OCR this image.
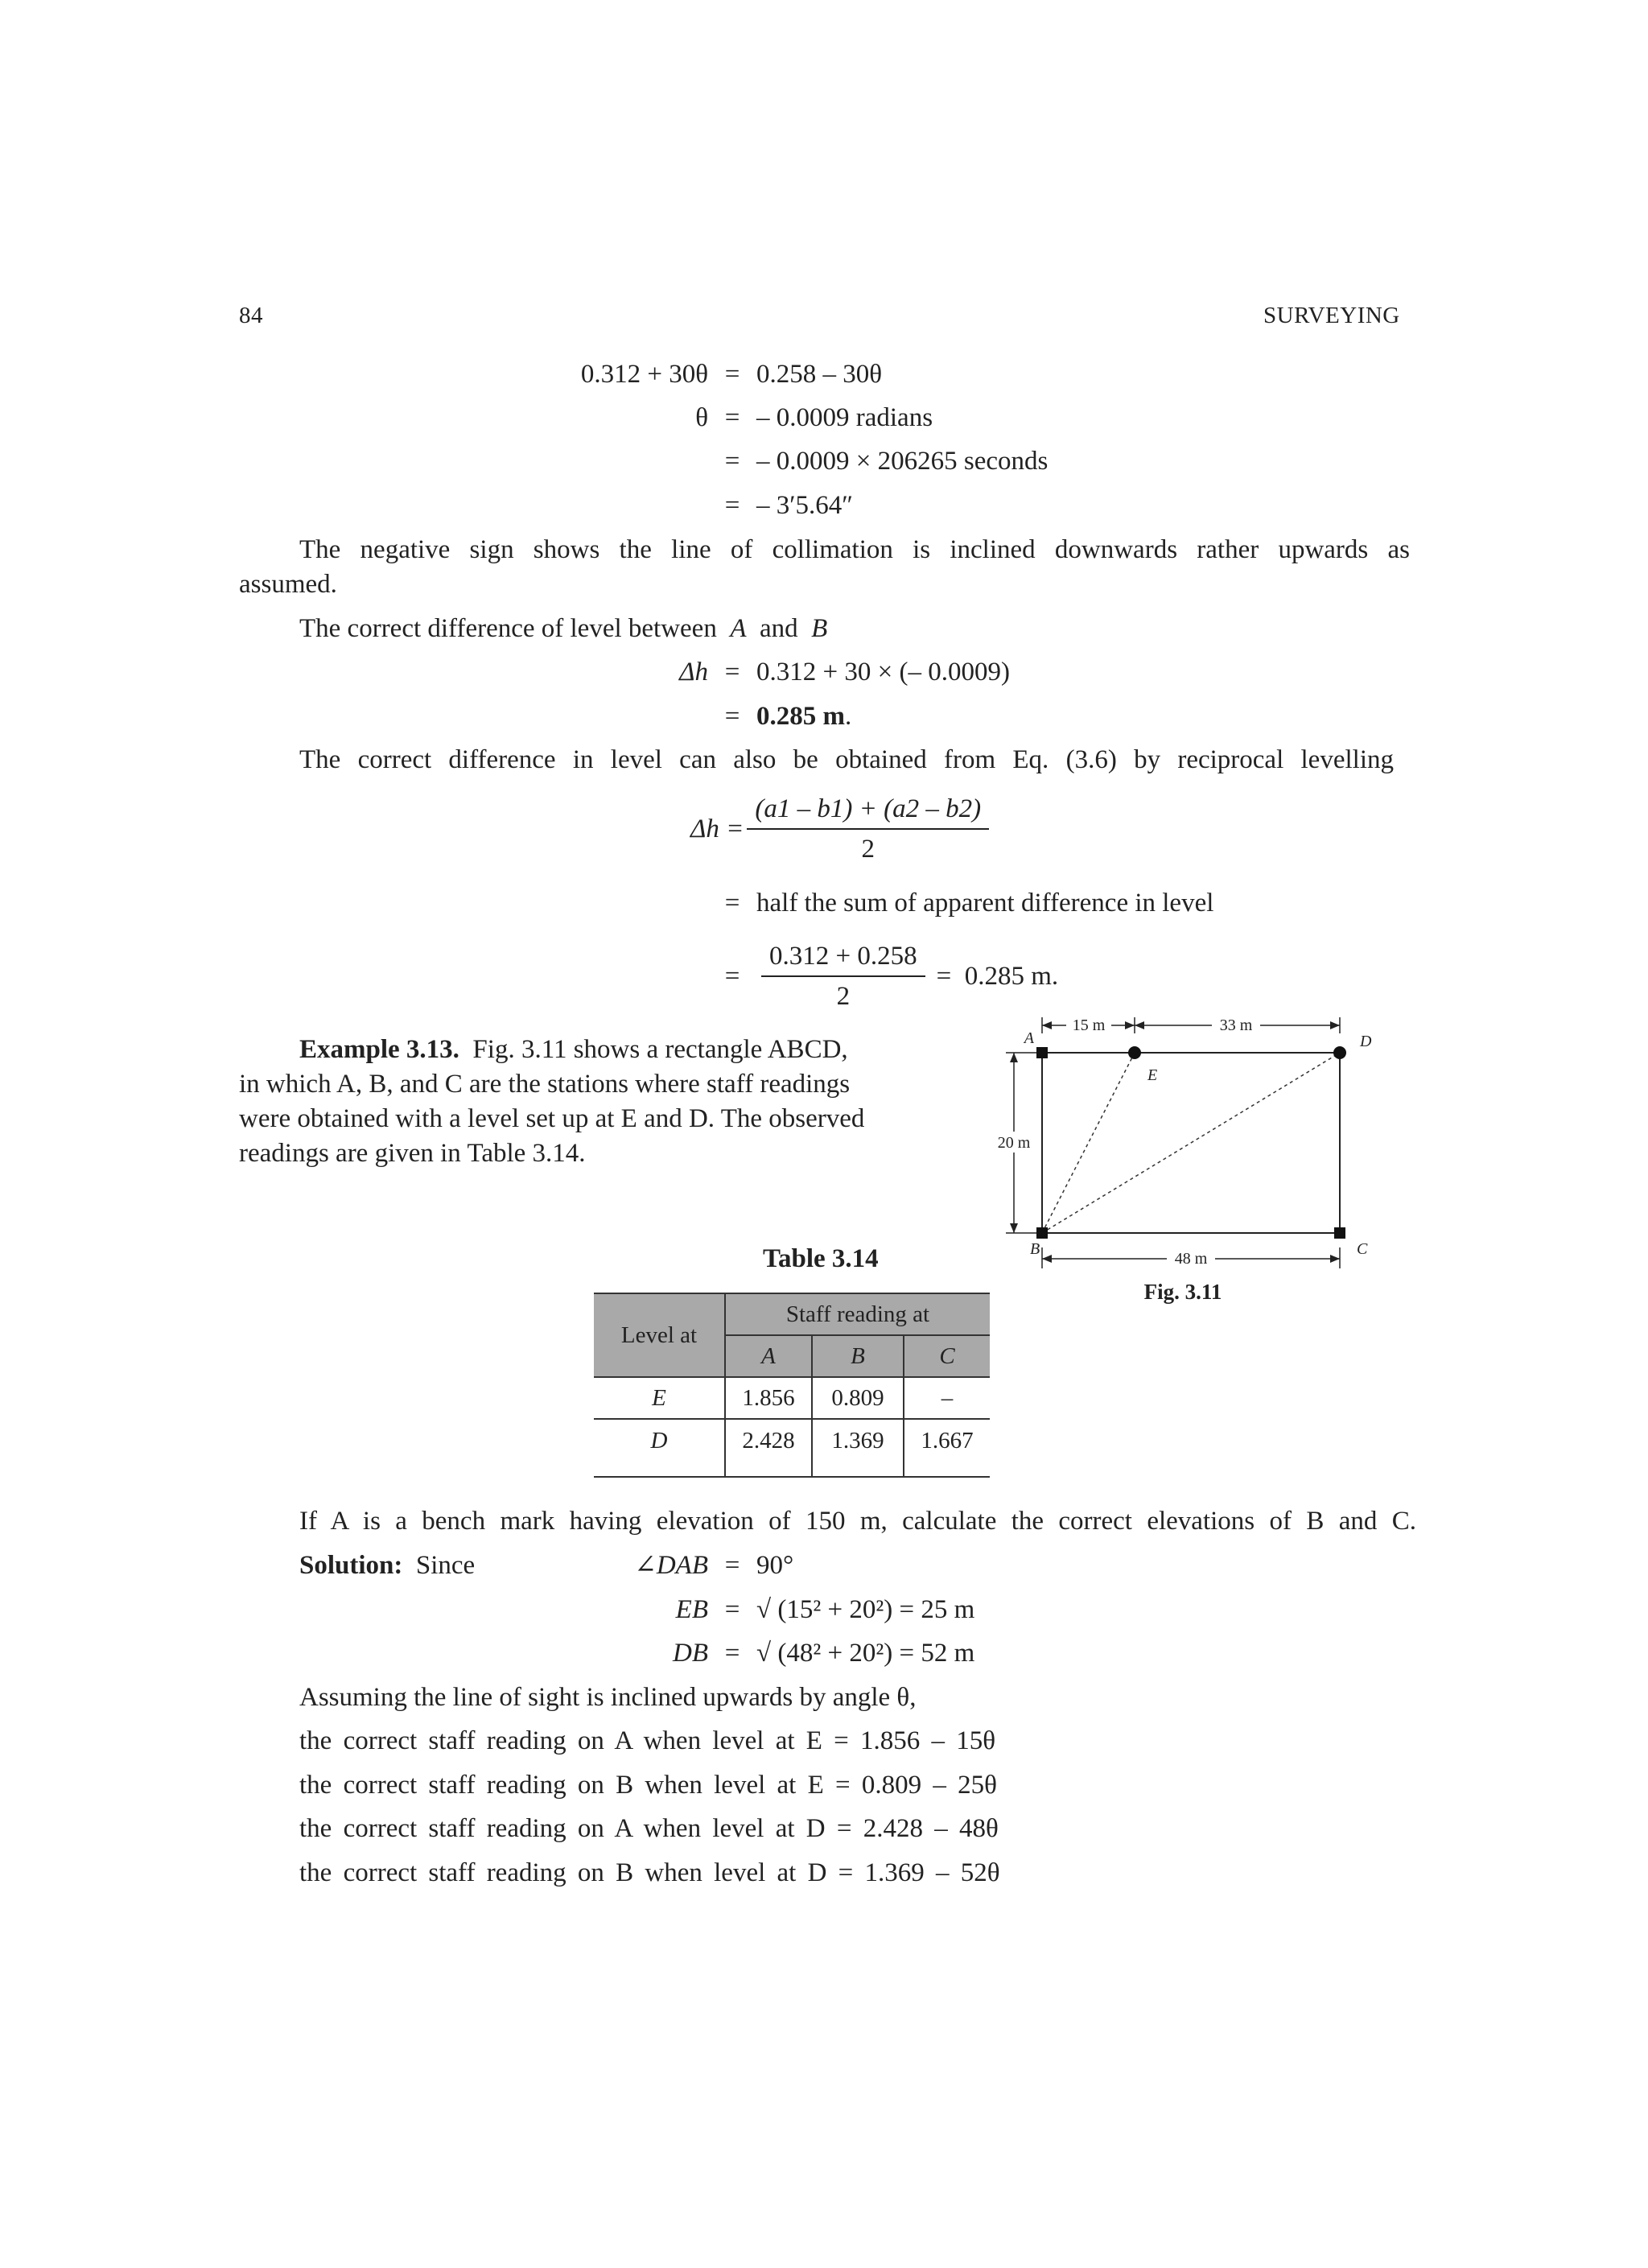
84	SURVEYING
0.312 + 30θ = 0.258 – 30θ
θ = – 0.0009 radians
= – 0.0009 × 206265 seconds
= – 3′5.64″
The negative sign shows the line of collimation is inclined downwards rather upwards as
assumed.
The correct difference of level between A and B
Δh = 0.312 + 30 × (– 0.0009)
= 0.285 m .
The correct difference in level can also be obtained from Eq. (3.6) by reciprocal levelling
$\Delta h = \frac{(a1 - b1) + (a2 - b2)}{2}$
= half the sum of apparent difference in level
= $\frac{0.312 + 0.258}{2} = 0.285$ m.
Example 3.13. Fig. 3.11 shows a rectangle ABCD,
in which A, B, and C are the stations where staff readings
were obtained with a level set up at E and D. The observed
readings are given in Table 3.14.
15 m	33 m
20 m
48 m
A	D
E
B	C
Fig. 3.11
Table 3.14
Level at	Staff reading at		
	A	B	C
E	1.856	0.809	–
D	2.428	1.369	1.667
If A is a bench mark having elevation of 150 m, calculate the correct elevations of B and C.
Solution: Since	∠DAB = 90°
EB = √ (15² + 20²) = 25 m
DB = √ (48² + 20²) = 52 m
Assuming the line of sight is inclined upwards by angle θ,
the correct staff reading on A when level at E = 1.856 – 15θ
the correct staff reading on B when level at E = 0.809 – 25θ
the correct staff reading on A when level at D = 2.428 – 48θ
the correct staff reading on B when level at D = 1.369 – 52θ
